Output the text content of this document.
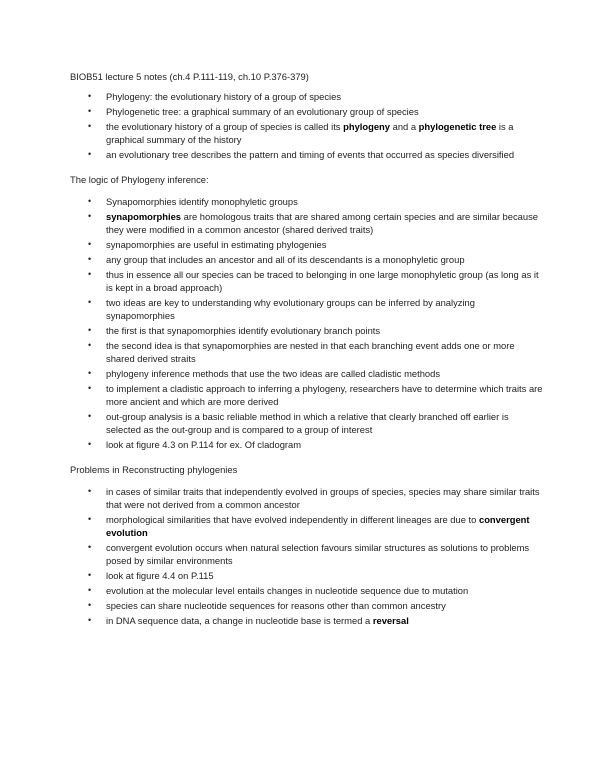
BIOB51 lecture 5 notes (ch.4 P.111-119, ch.10 P.376-379)
• Phylogeny: the evolutionary history of a group of species
• Phylogenetic tree: a graphical summary of an evolutionary group of species
• the evolutionary history of a group of species is called its phylogeny and a phylogenetic tree is a graphical summary of the history
• an evolutionary tree describes the pattern and timing of events that occurred as species diversified
The logic of Phylogeny inference:
• Synapomorphies identify monophyletic groups
• synapomorphies are homologous traits that are shared among certain species and are similar because they were modified in a common ancestor (shared derived traits)
• synapomorphies are useful in estimating phylogenies
• any group that includes an ancestor and all of its descendants is a monophyletic group
• thus in essence all our species can be traced to belonging in one large monophyletic group (as long as it is kept in a broad approach)
• two ideas are key to understanding why evolutionary groups can be inferred by analyzing synapomorphies
• the first is that synapomorphies identify evolutionary branch points
• the second idea is that synapomorphies are nested in that each branching event adds one or more shared derived straits
• phylogeny inference methods that use the two ideas are called cladistic methods
• to implement a cladistic approach to inferring a phylogeny, researchers have to determine which traits are more ancient and which are more derived
• out-group analysis is a basic reliable method in which a relative that clearly branched off earlier is selected as the out-group and is compared to a group of interest
• look at figure 4.3 on P.114 for ex. Of cladogram
Problems in Reconstructing phylogenies
• in cases of similar traits that independently evolved in groups of species, species may share similar traits that were not derived from a common ancestor
• morphological similarities that have evolved independently in different lineages are due to convergent evolution
• convergent evolution occurs when natural selection favours similar structures as solutions to problems posed by similar environments
• look at figure 4.4 on P.115
• evolution at the molecular level entails changes in nucleotide sequence due to mutation
• species can share nucleotide sequences for reasons other than common ancestry
• in DNA sequence data, a change in nucleotide base is termed a reversal
